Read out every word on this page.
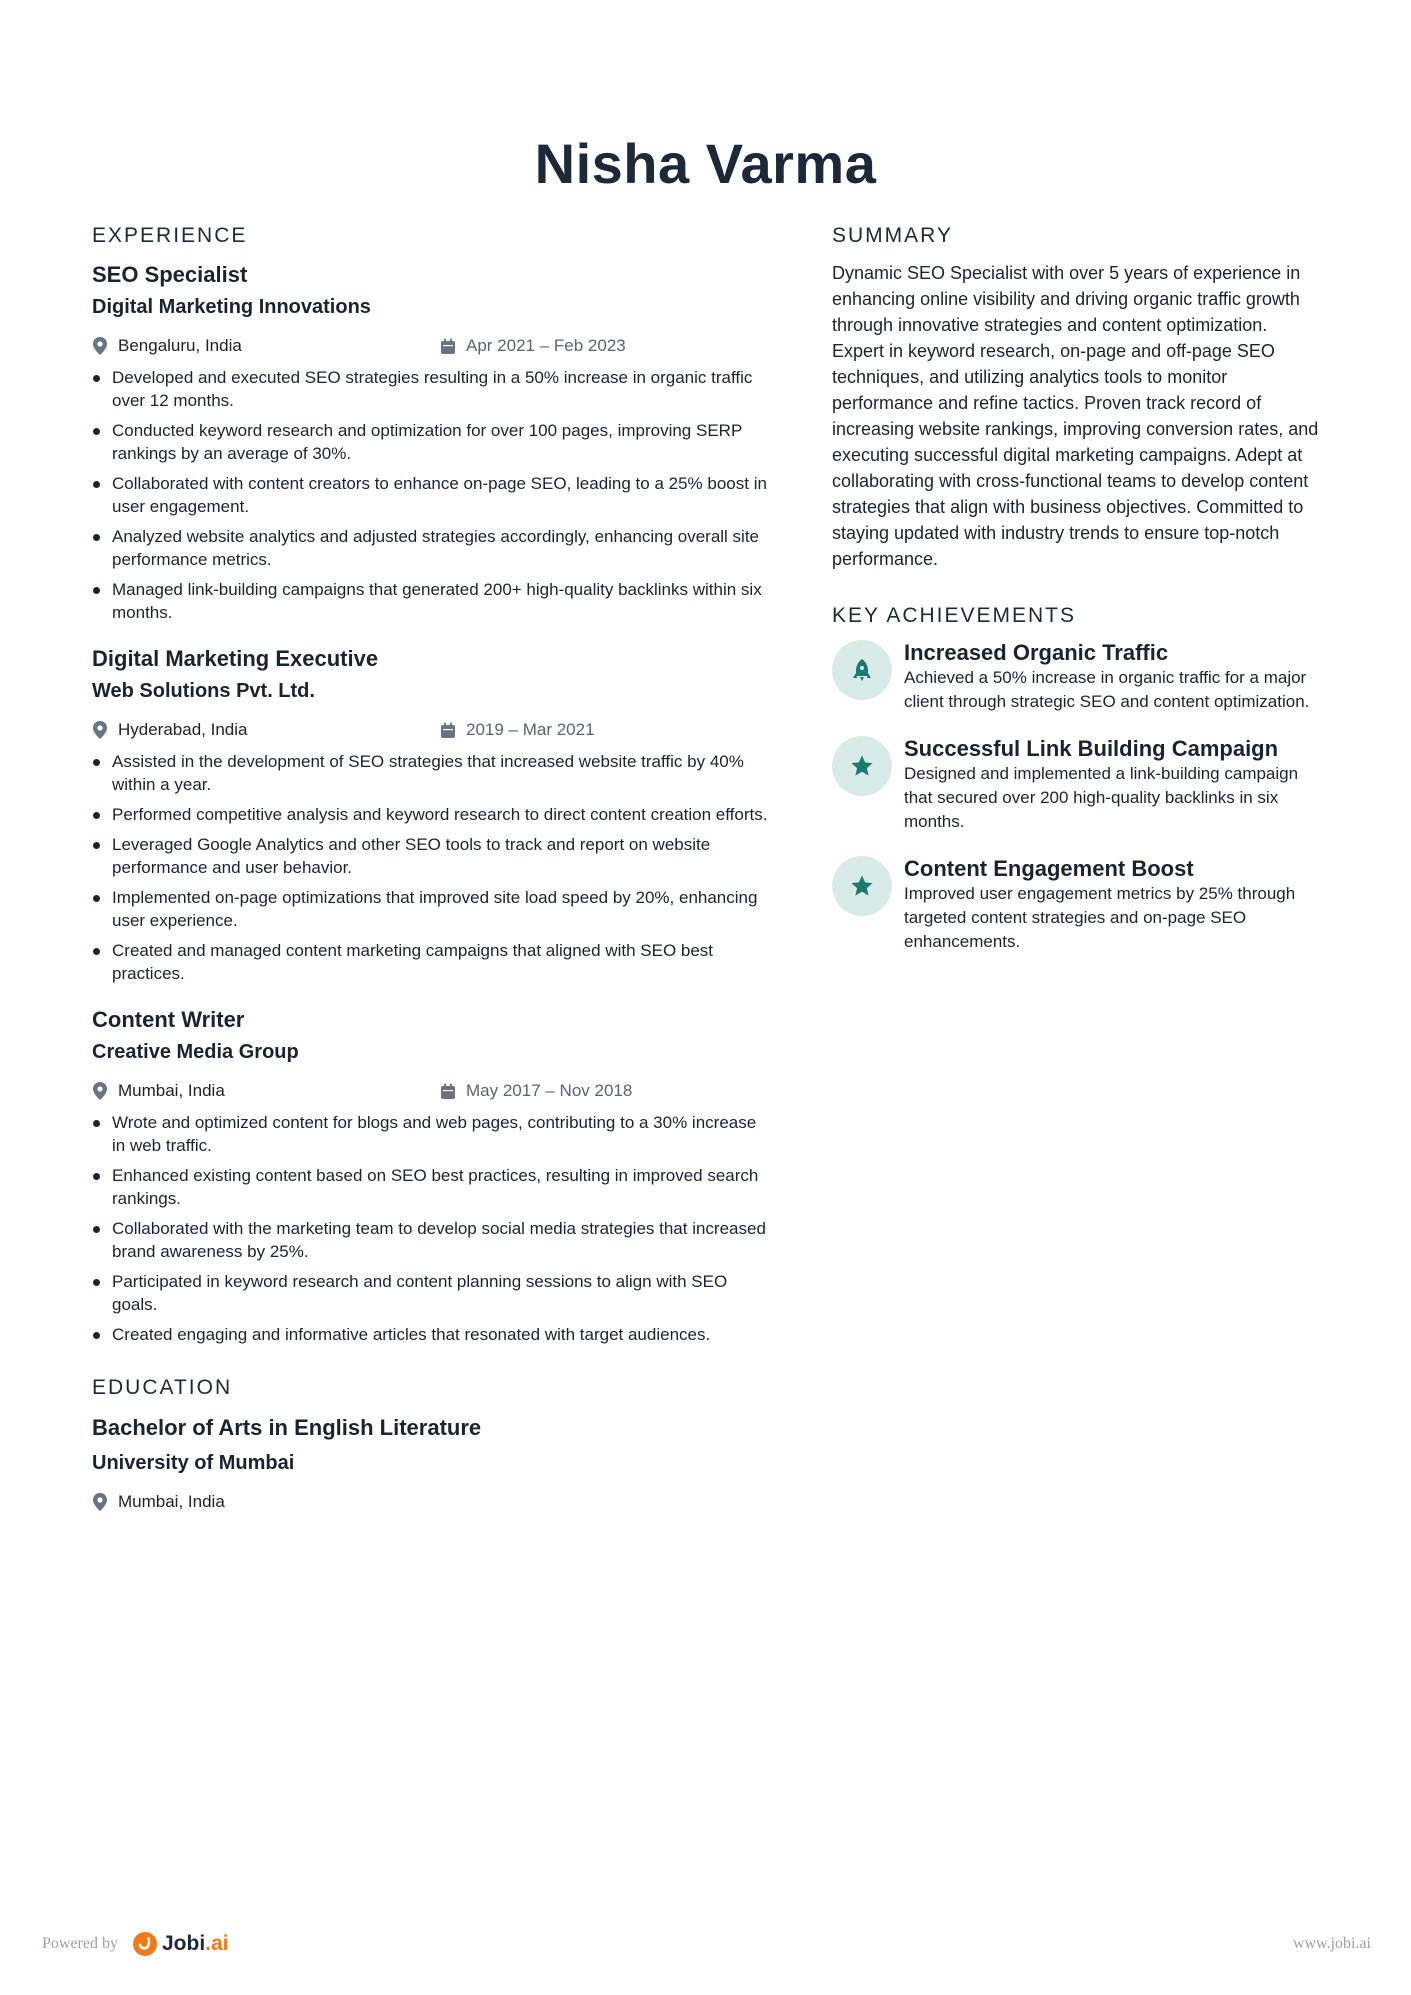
Nisha Varma
EXPERIENCE
SEO Specialist
Digital Marketing Innovations
Bengaluru, India	Apr 2021 – Feb 2023
Developed and executed SEO strategies resulting in a 50% increase in organic traffic over 12 months.
Conducted keyword research and optimization for over 100 pages, improving SERP rankings by an average of 30%.
Collaborated with content creators to enhance on-page SEO, leading to a 25% boost in user engagement.
Analyzed website analytics and adjusted strategies accordingly, enhancing overall site performance metrics.
Managed link-building campaigns that generated 200+ high-quality backlinks within six months.
Digital Marketing Executive
Web Solutions Pvt. Ltd.
Hyderabad, India	2019 – Mar 2021
Assisted in the development of SEO strategies that increased website traffic by 40% within a year.
Performed competitive analysis and keyword research to direct content creation efforts.
Leveraged Google Analytics and other SEO tools to track and report on website performance and user behavior.
Implemented on-page optimizations that improved site load speed by 20%, enhancing user experience.
Created and managed content marketing campaigns that aligned with SEO best practices.
Content Writer
Creative Media Group
Mumbai, India	May 2017 – Nov 2018
Wrote and optimized content for blogs and web pages, contributing to a 30% increase in web traffic.
Enhanced existing content based on SEO best practices, resulting in improved search rankings.
Collaborated with the marketing team to develop social media strategies that increased brand awareness by 25%.
Participated in keyword research and content planning sessions to align with SEO goals.
Created engaging and informative articles that resonated with target audiences.
EDUCATION
Bachelor of Arts in English Literature
University of Mumbai
Mumbai, India
SUMMARY

Dynamic SEO Specialist with over 5 years of experience in enhancing online visibility and driving organic traffic growth through innovative strategies and content optimization. Expert in keyword research, on-page and off-page SEO techniques, and utilizing analytics tools to monitor performance and refine tactics. Proven track record of increasing website rankings, improving conversion rates, and executing successful digital marketing campaigns. Adept at collaborating with cross-functional teams to develop content strategies that align with business objectives. Committed to staying updated with industry trends to ensure top-notch performance.

KEY ACHIEVEMENTS
Increased Organic Traffic
Achieved a 50% increase in organic traffic for a major client through strategic SEO and content optimization.
Successful Link Building Campaign
Designed and implemented a link-building campaign that secured over 200 high-quality backlinks in six months.
Content Engagement Boost
Improved user engagement metrics by 25% through targeted content strategies and on-page SEO enhancements.
Powered by Jobi .ai	www.jobi.ai
